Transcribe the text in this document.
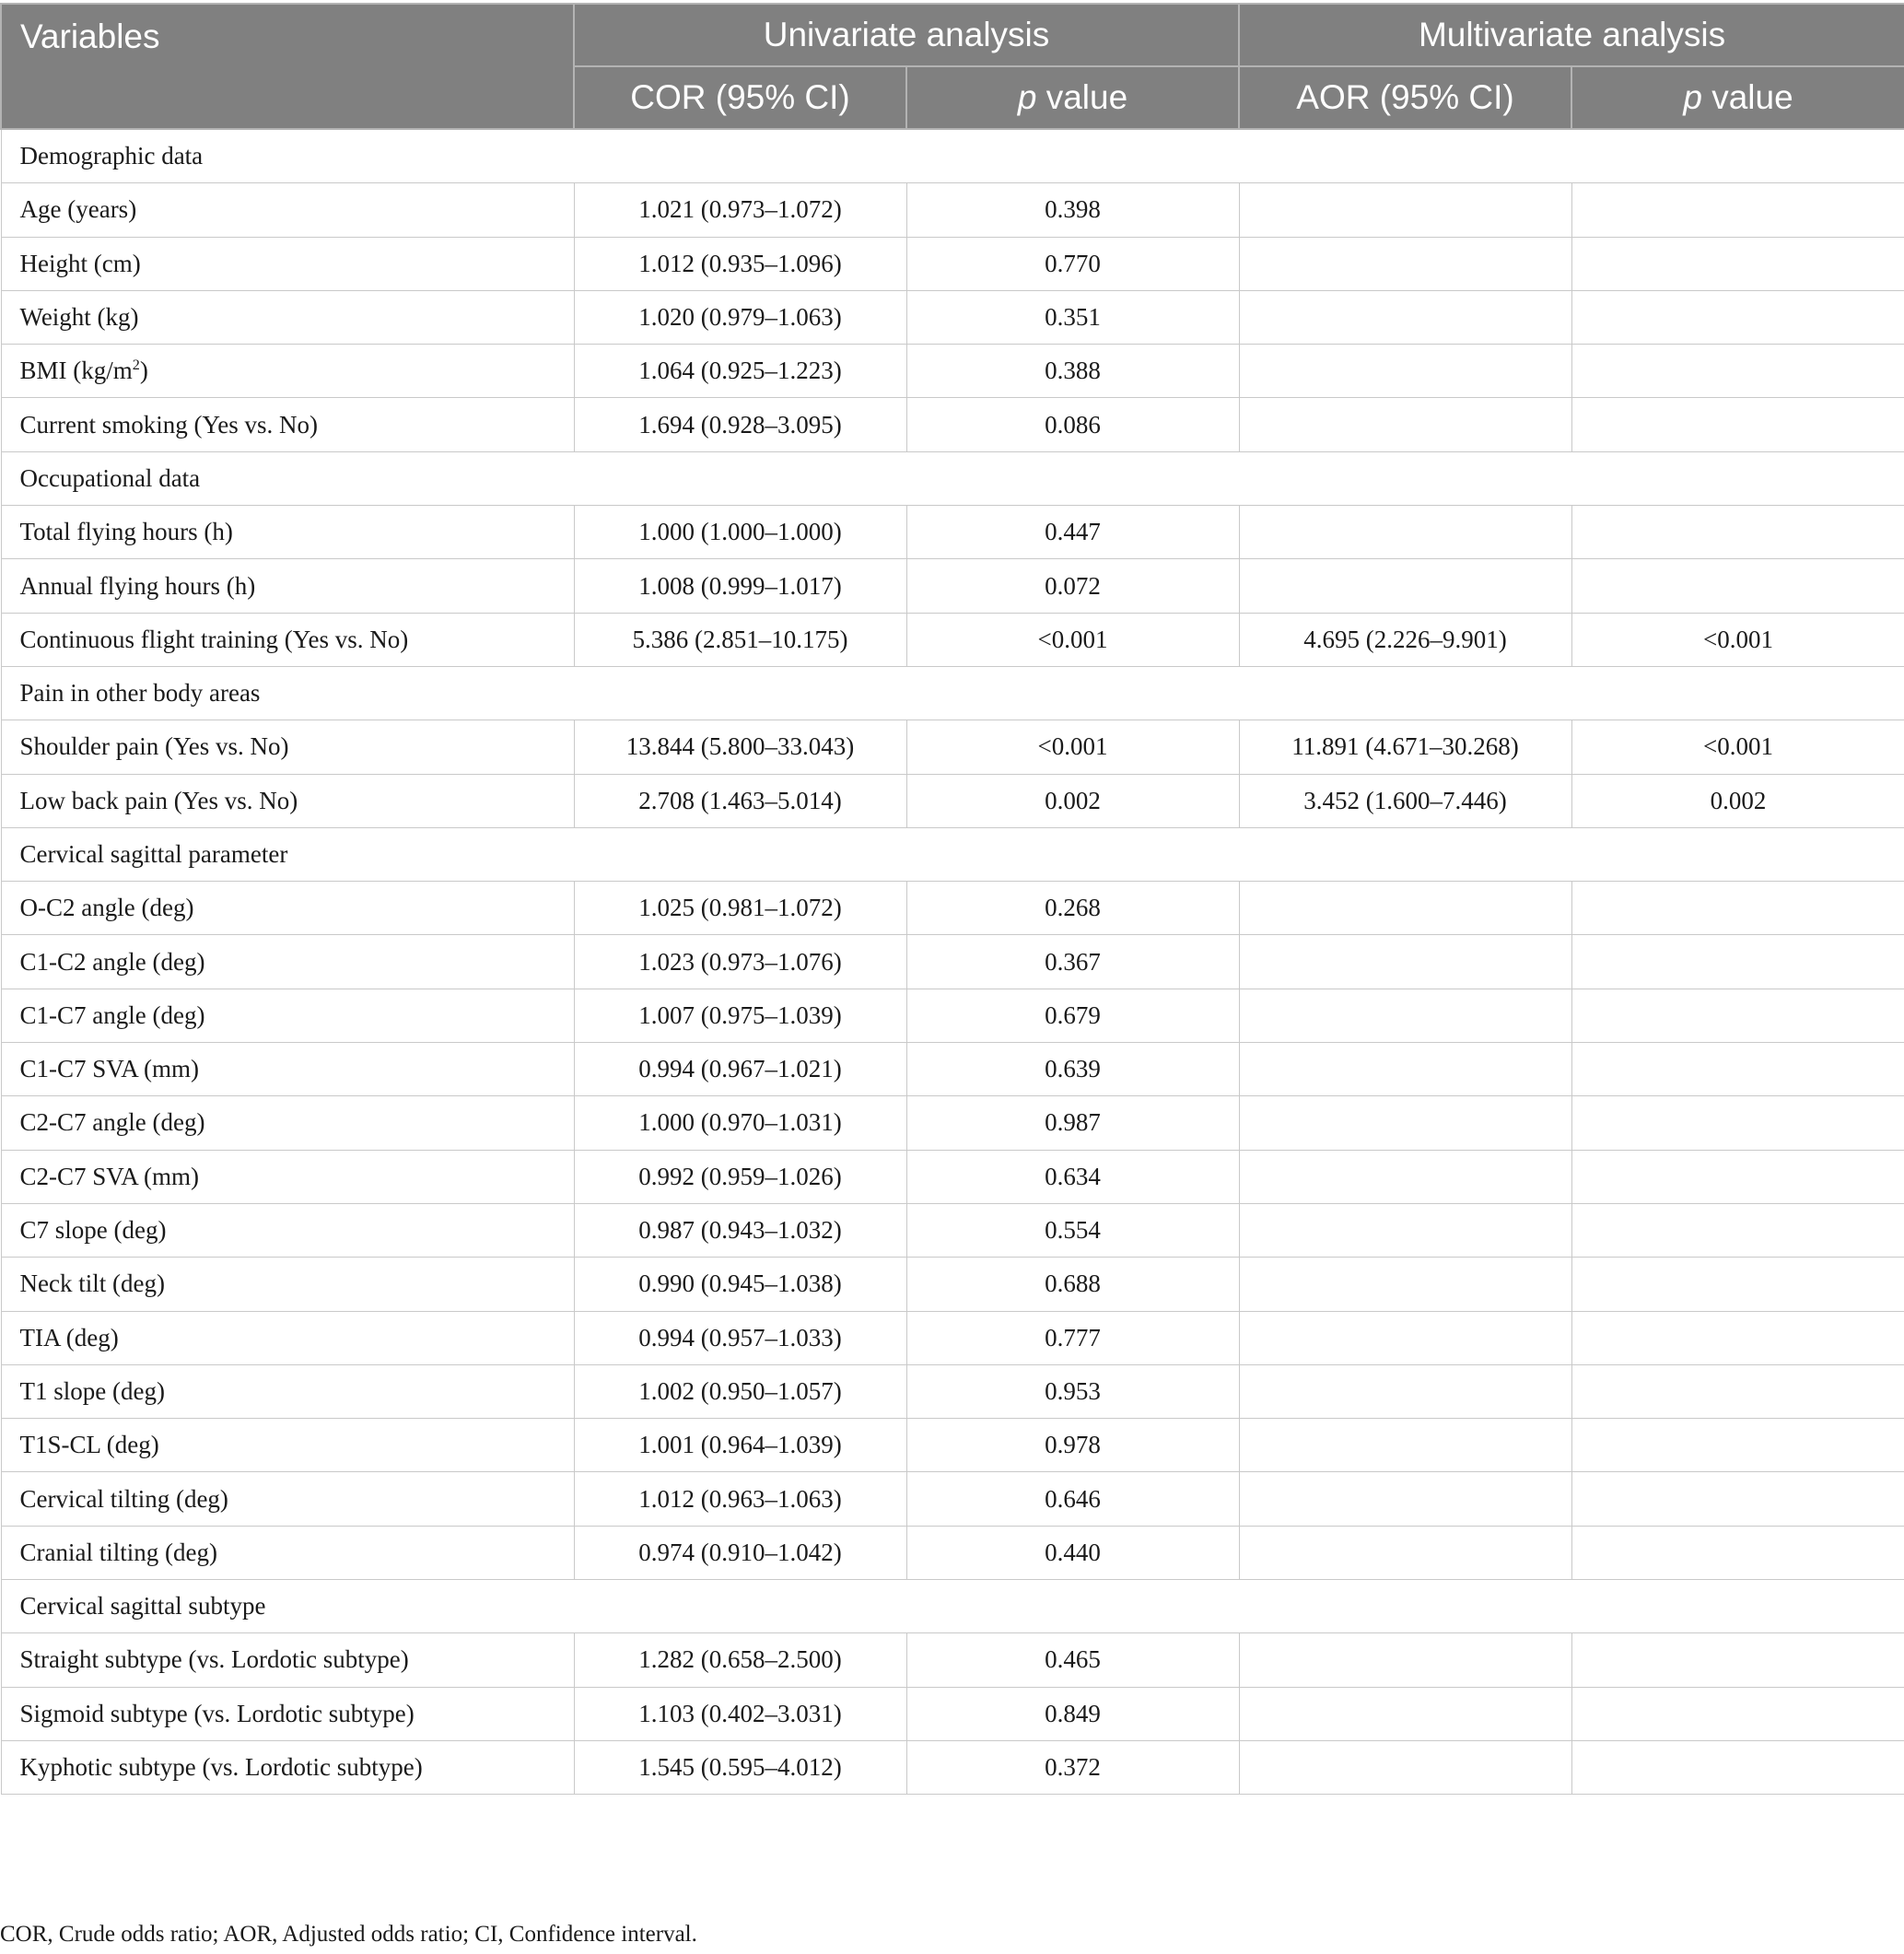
Variables	Univariate analysis		Multivariate analysis	
	COR (95% CI)	p value	AOR (95% CI)	p value
Demographic data				
Age (years)	1.021 (0.973–1.072)	0.398		
Height (cm)	1.012 (0.935–1.096)	0.770		
Weight (kg)	1.020 (0.979–1.063)	0.351		
BMI $(kg/m^2)$	1.064 (0.925–1.223)	0.388		
Current smoking (Yes vs. No)	1.694 (0.928–3.095)	0.086		
Occupational data				
Total flying hours (h)	1.000 (1.000–1.000)	0.447		
Annual flying hours (h)	1.008 (0.999–1.017)	0.072		
Continuous flight training (Yes vs. No)	5.386 (2.851–10.175)	<0.001	4.695 (2.226–9.901)	<0.001
Pain in other body areas				
Shoulder pain (Yes vs. No)	13.844 (5.800–33.043)	<0.001	11.891 (4.671–30.268)	<0.001
Low back pain (Yes vs. No)	2.708 (1.463–5.014)	0.002	3.452 (1.600–7.446)	0.002
Cervical sagittal parameter				
O-C2 angle (deg)	1.025 (0.981–1.072)	0.268		
C1-C2 angle (deg)	1.023 (0.973–1.076)	0.367		
C1-C7 angle (deg)	1.007 (0.975–1.039)	0.679		
C1-C7 SVA (mm)	0.994 (0.967–1.021)	0.639		
C2-C7 angle (deg)	1.000 (0.970–1.031)	0.987		
C2-C7 SVA (mm)	0.992 (0.959–1.026)	0.634		
C7 slope (deg)	0.987 (0.943–1.032)	0.554		
Neck tilt (deg)	0.990 (0.945–1.038)	0.688		
TIA (deg)	0.994 (0.957–1.033)	0.777		
T1 slope (deg)	1.002 (0.950–1.057)	0.953		
T1S-CL (deg)	1.001 (0.964–1.039)	0.978		
Cervical tilting (deg)	1.012 (0.963–1.063)	0.646		
Cranial tilting (deg)	0.974 (0.910–1.042)	0.440		
Cervical sagittal subtype				
Straight subtype (vs. Lordotic subtype)	1.282 (0.658–2.500)	0.465		
Sigmoid subtype (vs. Lordotic subtype)	1.103 (0.402–3.031)	0.849		
Kyphotic subtype (vs. Lordotic subtype)	1.545 (0.595–4.012)	0.372		
COR, Crude odds ratio; AOR, Adjusted odds ratio; CI, Confidence interval.
